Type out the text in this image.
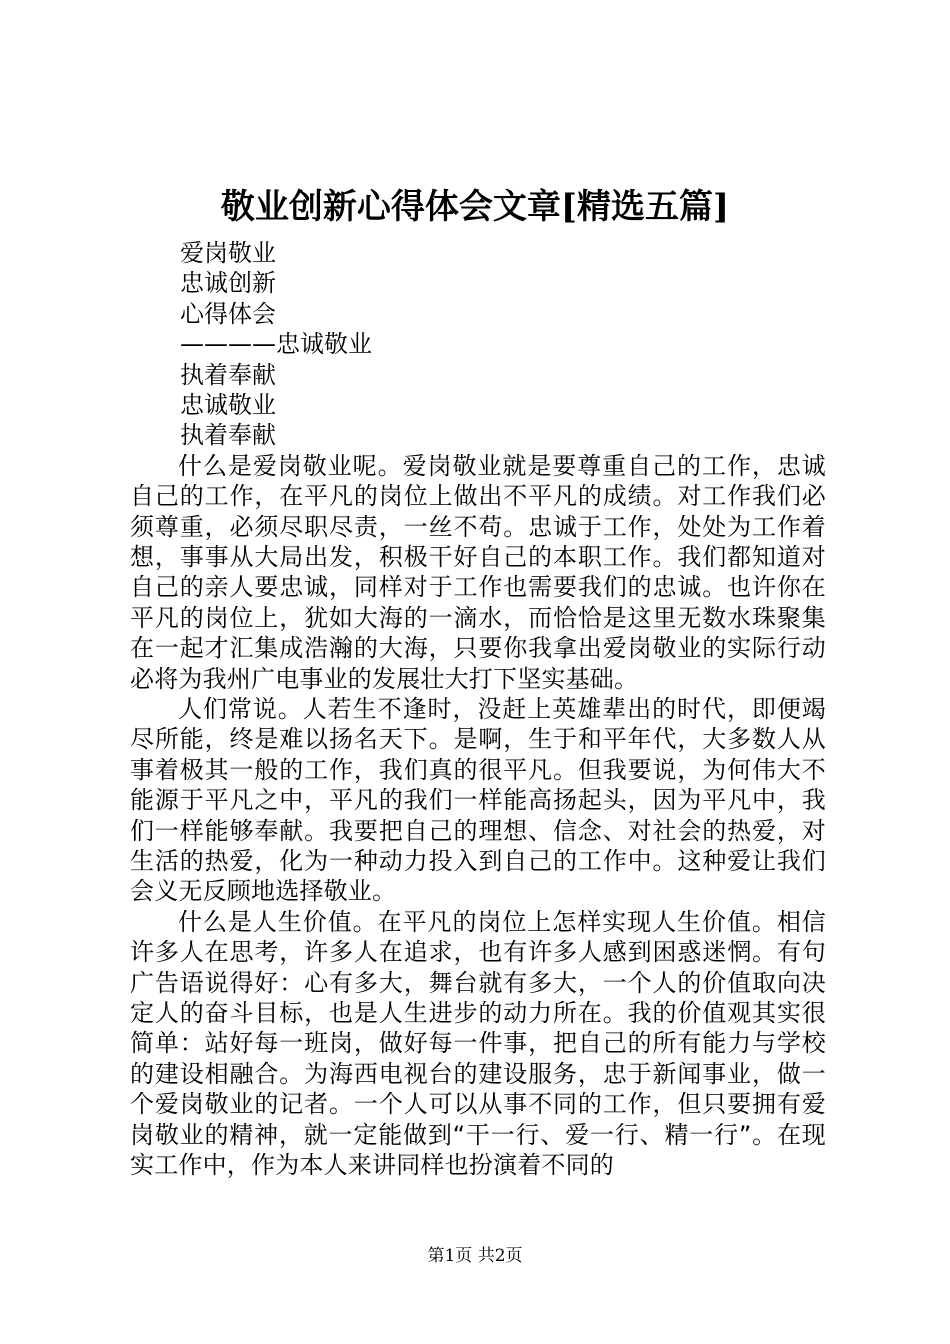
敬业创新心得体会文章[精选五篇]

爱岗敬业

忠诚创新

心得体会

————忠诚敬业

执着奉献

忠诚敬业

执着奉献

什么是爱岗敬业呢。爱岗敬业就是要尊重自己的工作，忠诚自己的工作，在平凡的岗位上做出不平凡的成绩。对工作我们必须尊重，必须尽职尽责，一丝不苟。忠诚于工作，处处为工作着想，事事从大局出发，积极干好自己的本职工作。我们都知道对自己的亲人要忠诚，同样对于工作也需要我们的忠诚。也许你在平凡的岗位上，犹如大海的一滴水，而恰恰是这里无数水珠聚集在一起才汇集成浩瀚的大海，只要你我拿出爱岗敬业的实际行动必将为我州广电事业的发展壮大打下坚实基础。

人们常说。人若生不逢时，没赶上英雄辈出的时代，即便竭尽所能，终是难以扬名天下。是啊，生于和平年代，大多数人从事着极其一般的工作，我们真的很平凡。但我要说，为何伟大不能源于平凡之中，平凡的我们一样能高扬起头，因为平凡中，我们一样能够奉献。我要把自己的理想、信念、对社会的热爱，对生活的热爱，化为一种动力投入到自己的工作中。这种爱让我们会义无反顾地选择敬业。

什么是人生价值。在平凡的岗位上怎样实现人生价值。相信许多人在思考，许多人在追求，也有许多人感到困惑迷惘。有句广告语说得好：心有多大，舞台就有多大，一个人的价值取向决定人的奋斗目标，也是人生进步的动力所在。我的价值观其实很简单：站好每一班岗，做好每一件事，把自己的所有能力与学校的建设相融合。为海西电视台的建设服务，忠于新闻事业，做一个爱岗敬业的记者。一个人可以从事不同的工作，但只要拥有爱岗敬业的精神，就一定能做到“干一行、爱一行、精一行”。在现实工作中，作为本人来讲同样也扮演着不同的

第1页 共2页
